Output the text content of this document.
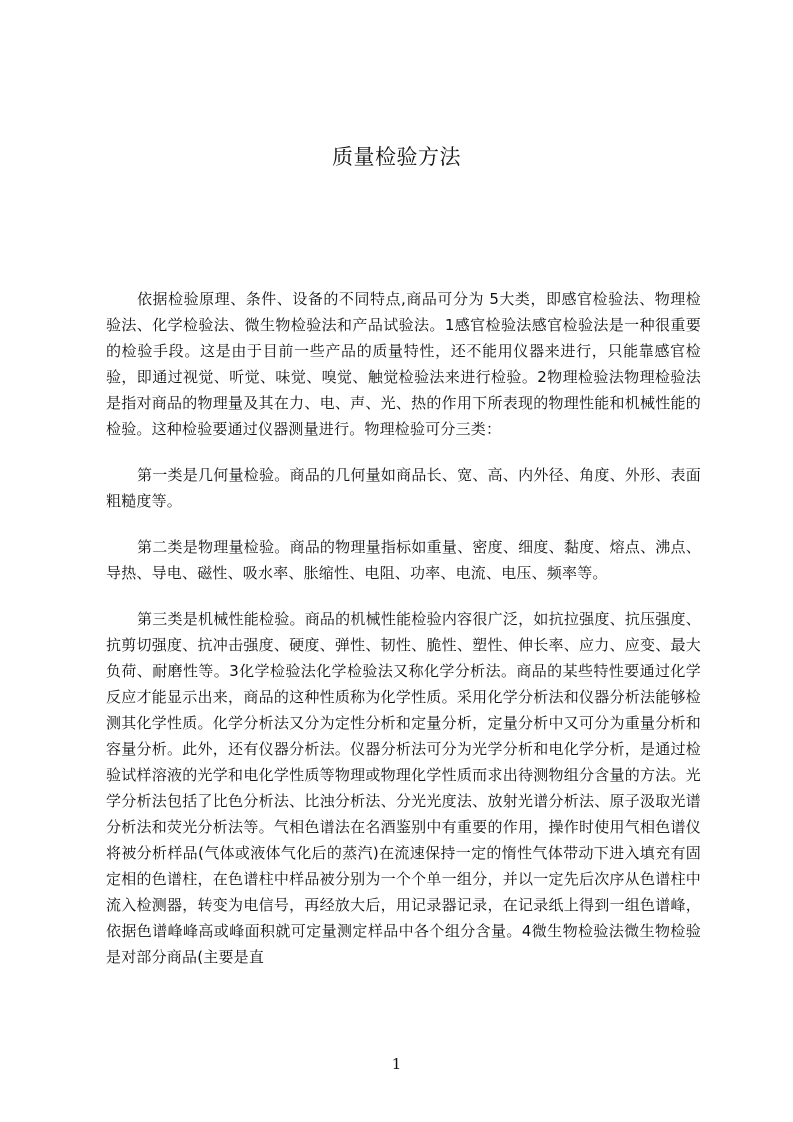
质量检验方法

依据检验原理、条件、设备的不同特点,商品可分为 5大类，即感官检验法、物理检验法、化学检验法、微生物检验法和产品试验法。1感官检验法感官检验法是一种很重要的检验手段。这是由于目前一些产品的质量特性，还不能用仪器来进行，只能靠感官检验，即通过视觉、听觉、味觉、嗅觉、触觉检验法来进行检验。2物理检验法物理检验法是指对商品的物理量及其在力、电、声、光、热的作用下所表现的物理性能和机械性能的检验。这种检验要通过仪器测量进行。物理检验可分三类：

第一类是几何量检验。商品的几何量如商品长、宽、高、内外径、角度、外形、表面粗糙度等。

第二类是物理量检验。商品的物理量指标如重量、密度、细度、黏度、熔点、沸点、导热、导电、磁性、吸水率、胀缩性、电阻、功率、电流、电压、频率等。

第三类是机械性能检验。商品的机械性能检验内容很广泛，如抗拉强度、抗压强度、抗剪切强度、抗冲击强度、硬度、弹性、韧性、脆性、塑性、伸长率、应力、应变、最大负荷、耐磨性等。3化学检验法化学检验法又称化学分析法。商品的某些特性要通过化学反应才能显示出来，商品的这种性质称为化学性质。采用化学分析法和仪器分析法能够检测其化学性质。化学分析法又分为定性分析和定量分析，定量分析中又可分为重量分析和容量分析。此外，还有仪器分析法。仪器分析法可分为光学分析和电化学分析，是通过检验试样溶液的光学和电化学性质等物理或物理化学性质而求出待测物组分含量的方法。光学分析法包括了比色分析法、比浊分析法、分光光度法、放射光谱分析法、原子汲取光谱分析法和荧光分析法等。气相色谱法在名酒鉴别中有重要的作用，操作时使用气相色谱仪将被分析样品(气体或液体气化后的蒸汽)在流速保持一定的惰性气体带动下进入填充有固定相的色谱柱，在色谱柱中样品被分别为一个个单一组分，并以一定先后次序从色谱柱中流入检测器，转变为电信号，再经放大后，用记录器记录，在记录纸上得到一组色谱峰，依据色谱峰峰高或峰面积就可定量测定样品中各个组分含量。4微生物检验法微生物检验是对部分商品(主要是直

1
